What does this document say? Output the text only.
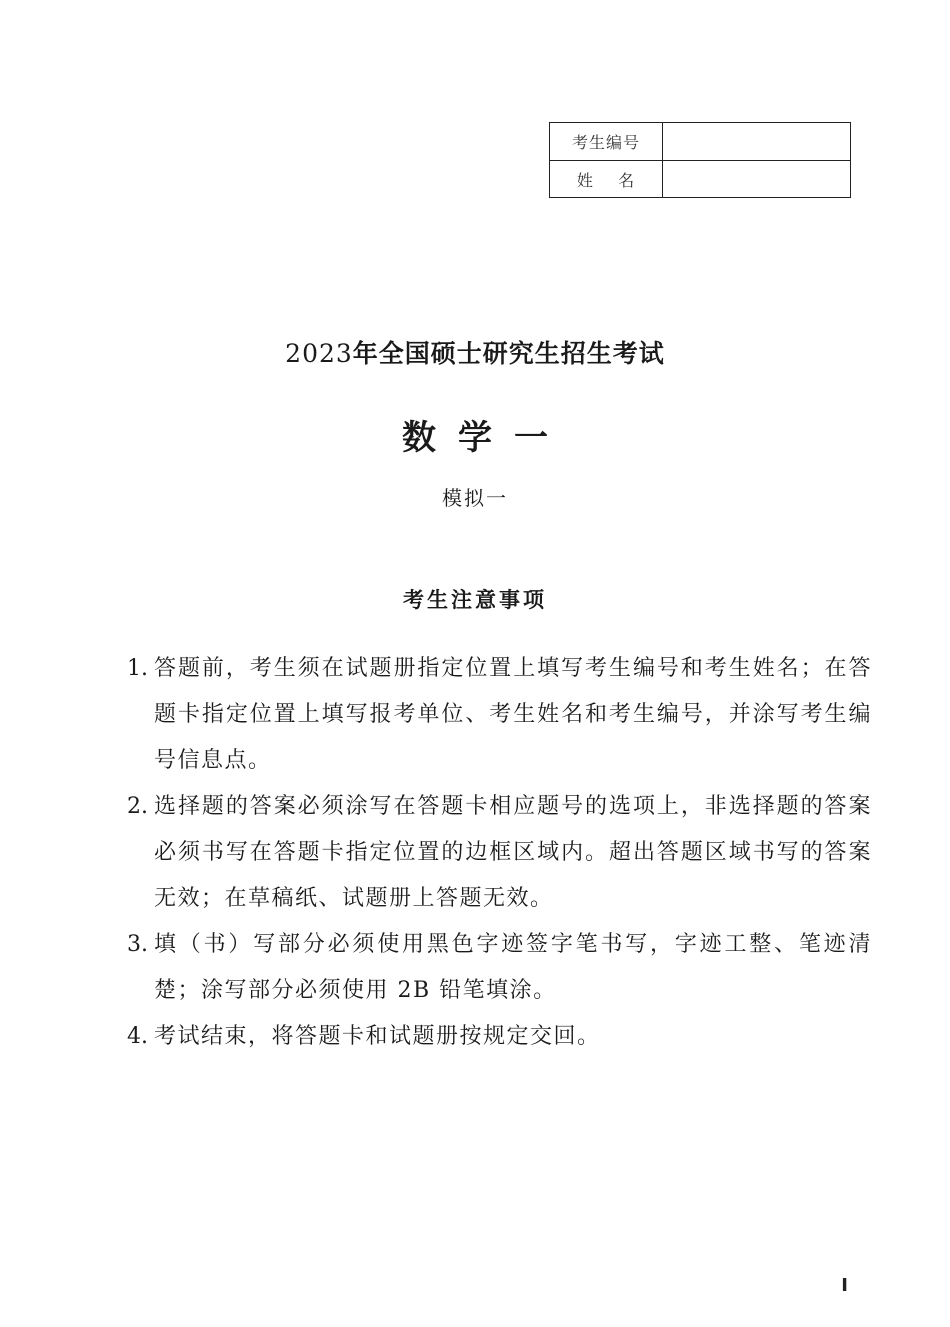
考生编号
姓    名
2023年全国硕士研究生招生考试
数学一
模拟一
考生注意事项
1. 答题前，考生须在试题册指定位置上填写考生编号和考生姓名；在答题卡指定位置上填写报考单位、考生姓名和考生编号，并涂写考生编号信息点。
2. 选择题的答案必须涂写在答题卡相应题号的选项上，非选择题的答案必须书写在答题卡指定位置的边框区域内。超出答题区域书写的答案无效；在草稿纸、试题册上答题无效。
3. 填（书）写部分必须使用黑色字迹签字笔书写，字迹工整、笔迹清楚；涂写部分必须使用 2B 铅笔填涂。
4. 考试结束，将答题卡和试题册按规定交回。
I
